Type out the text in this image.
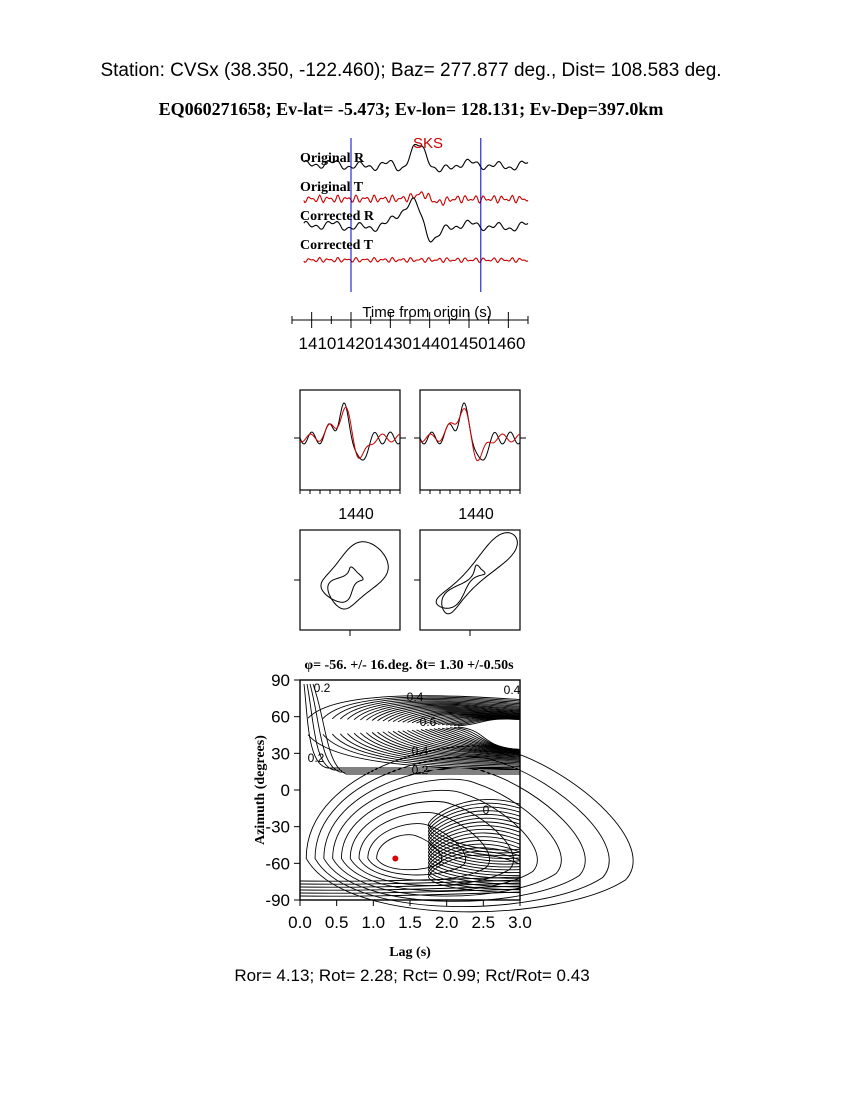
Station: CVSx (38.350, -122.460); Baz= 277.877 deg., Dist= 108.583 deg.
EQ060271658; Ev-lat= -5.473; Ev-lon= 128.131; Ev-Dep=397.0km
SKS
Original R
Original T
Corrected R
Corrected T
Time from origin (s)
141014201430144014501460
1440	1440
φ= -56. +/- 16.deg. δt= 1.30 +/-0.50s
0.2
0.4
0.6
0.4
0.2
0.2
0.4
0
0.0 0.5 1.0 1.5 2.0 2.5 3.0
90
60
30
0
-30
-60
-90
Lag (s)
Azimuth (degrees)
Ror= 4.13; Rot= 2.28; Rct= 0.99; Rct/Rot= 0.43
